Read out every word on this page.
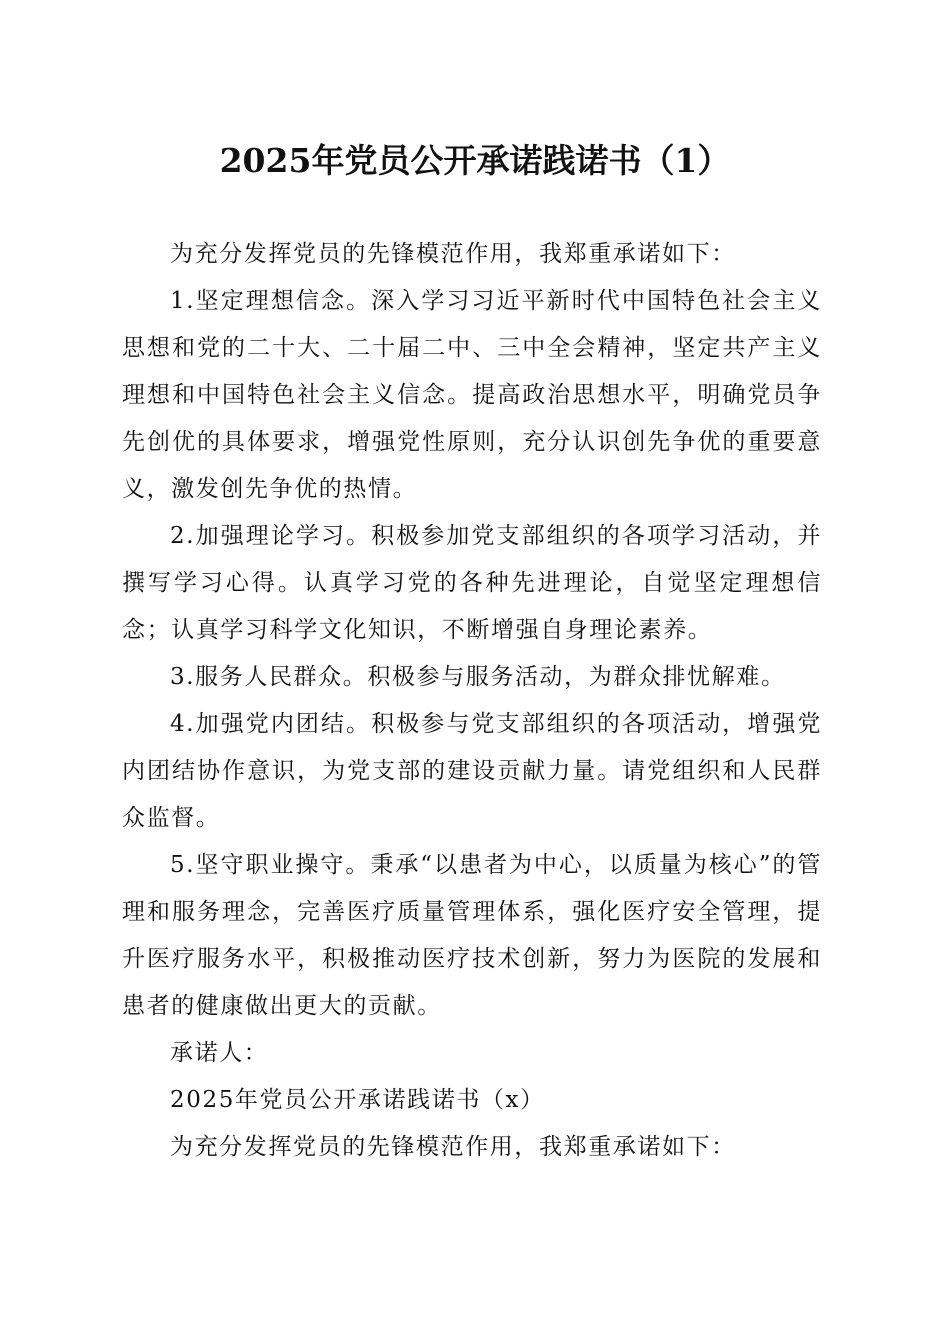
2025年党员公开承诺践诺书（1）

为充分发挥党员的先锋模范作用，我郑重承诺如下：

1.坚定理想信念。深入学习习近平新时代中国特色社会主义思想和党的二十大、二十届二中、三中全会精神，坚定共产主义理想和中国特色社会主义信念。提高政治思想水平，明确党员争先创优的具体要求，增强党性原则，充分认识创先争优的重要意义，激发创先争优的热情。

2.加强理论学习。积极参加党支部组织的各项学习活动，并撰写学习心得。认真学习党的各种先进理论，自觉坚定理想信念；认真学习科学文化知识，不断增强自身理论素养。

3.服务人民群众。积极参与服务活动，为群众排忧解难。

4.加强党内团结。积极参与党支部组织的各项活动，增强党内团结协作意识，为党支部的建设贡献力量。请党组织和人民群众监督。

5.坚守职业操守。秉承“以患者为中心，以质量为核心”的管理和服务理念，完善医疗质量管理体系，强化医疗安全管理，提升医疗服务水平，积极推动医疗技术创新，努力为医院的发展和患者的健康做出更大的贡献。

承诺人：

2025年党员公开承诺践诺书（x）

为充分发挥党员的先锋模范作用，我郑重承诺如下：
